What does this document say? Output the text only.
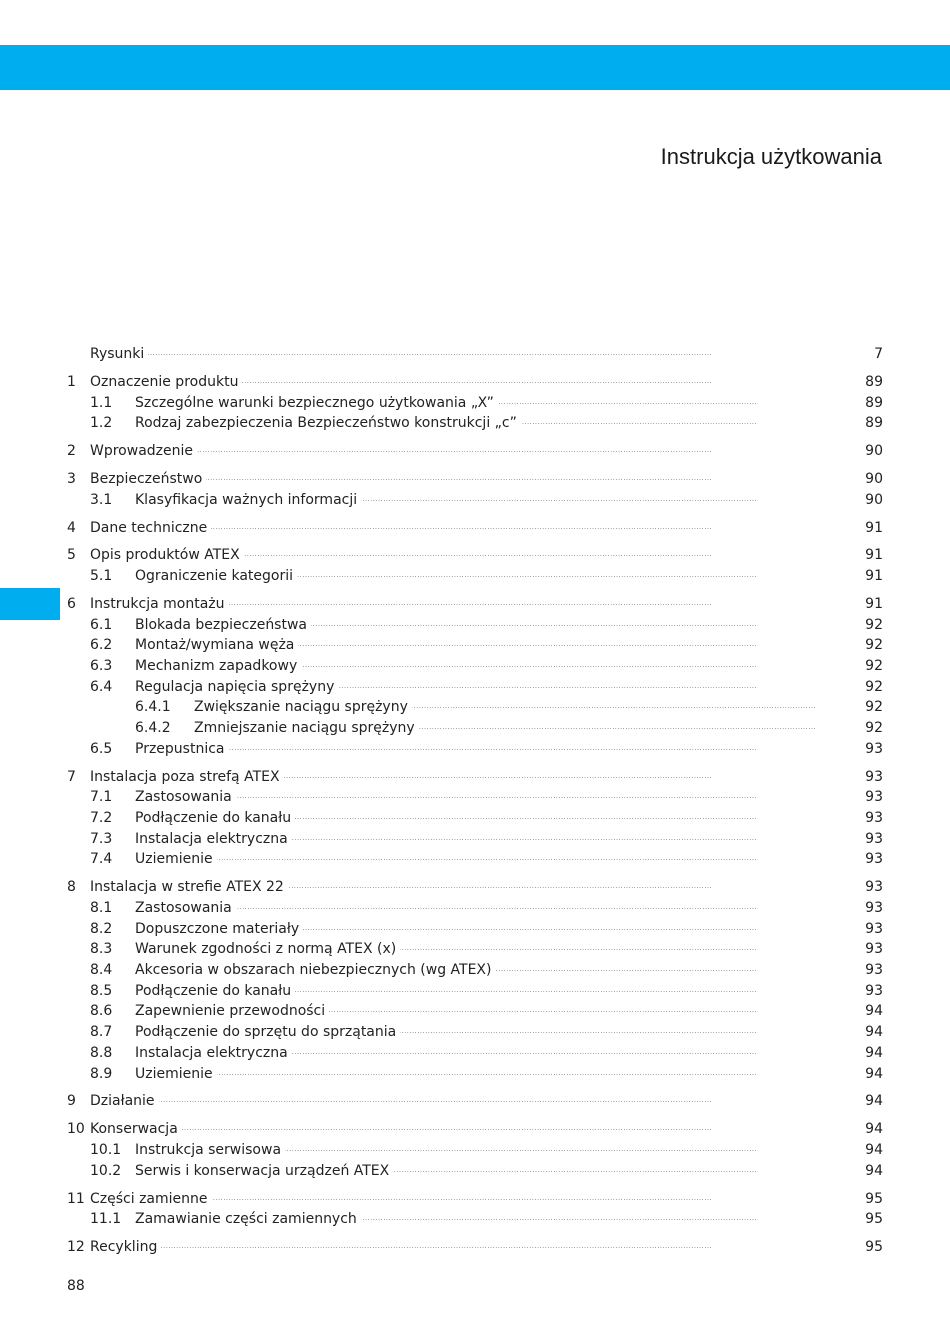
Instrukcja użytkowania
Rysunki . . .	7
1 Oznaczenie produktu . . .	89
1.1 Szczególne warunki bezpiecznego użytkowania „X” . . .	89
1.2 Rodzaj zabezpieczenia Bezpieczeństwo konstrukcji „c” . . .	89
2 Wprowadzenie . . .	90
3 Bezpieczeństwo . . .	90
3.1 Klasyfikacja ważnych informacji . . .	90
4 Dane techniczne . . .	91
5 Opis produktów ATEX . . .	91
5.1 Ograniczenie kategorii . . .	91
6 Instrukcja montażu . . .	91
6.1 Blokada bezpieczeństwa . . .	92
6.2 Montaż/wymiana węża . . .	92
6.3 Mechanizm zapadkowy . . .	92
6.4 Regulacja napięcia sprężyny . . .	92
6.4.1 Zwiększanie naciągu sprężyny . . .	92
6.4.2 Zmniejszanie naciągu sprężyny . . .	92
6.5 Przepustnica . . .	93
7 Instalacja poza strefą ATEX . . .	93
7.1 Zastosowania . . .	93
7.2 Podłączenie do kanału . . .	93
7.3 Instalacja elektryczna . . .	93
7.4 Uziemienie . . .	93
8 Instalacja w strefie ATEX 22 . . .	93
8.1 Zastosowania . . .	93
8.2 Dopuszczone materiały . . .	93
8.3 Warunek zgodności z normą ATEX (x) . . .	93
8.4 Akcesoria w obszarach niebezpiecznych (wg ATEX) . . .	93
8.5 Podłączenie do kanału . . .	93
8.6 Zapewnienie przewodności . . .	94
8.7 Podłączenie do sprzętu do sprzątania . . .	94
8.8 Instalacja elektryczna . . .	94
8.9 Uziemienie . . .	94
9 Działanie . . .	94
10 Konserwacja . . .	94
10.1 Instrukcja serwisowa . . .	94
10.2 Serwis i konserwacja urządzeń ATEX . . .	94
11 Części zamienne . . .	95
11.1 Zamawianie części zamiennych . . .	95
12 Recykling . . .	95
88
